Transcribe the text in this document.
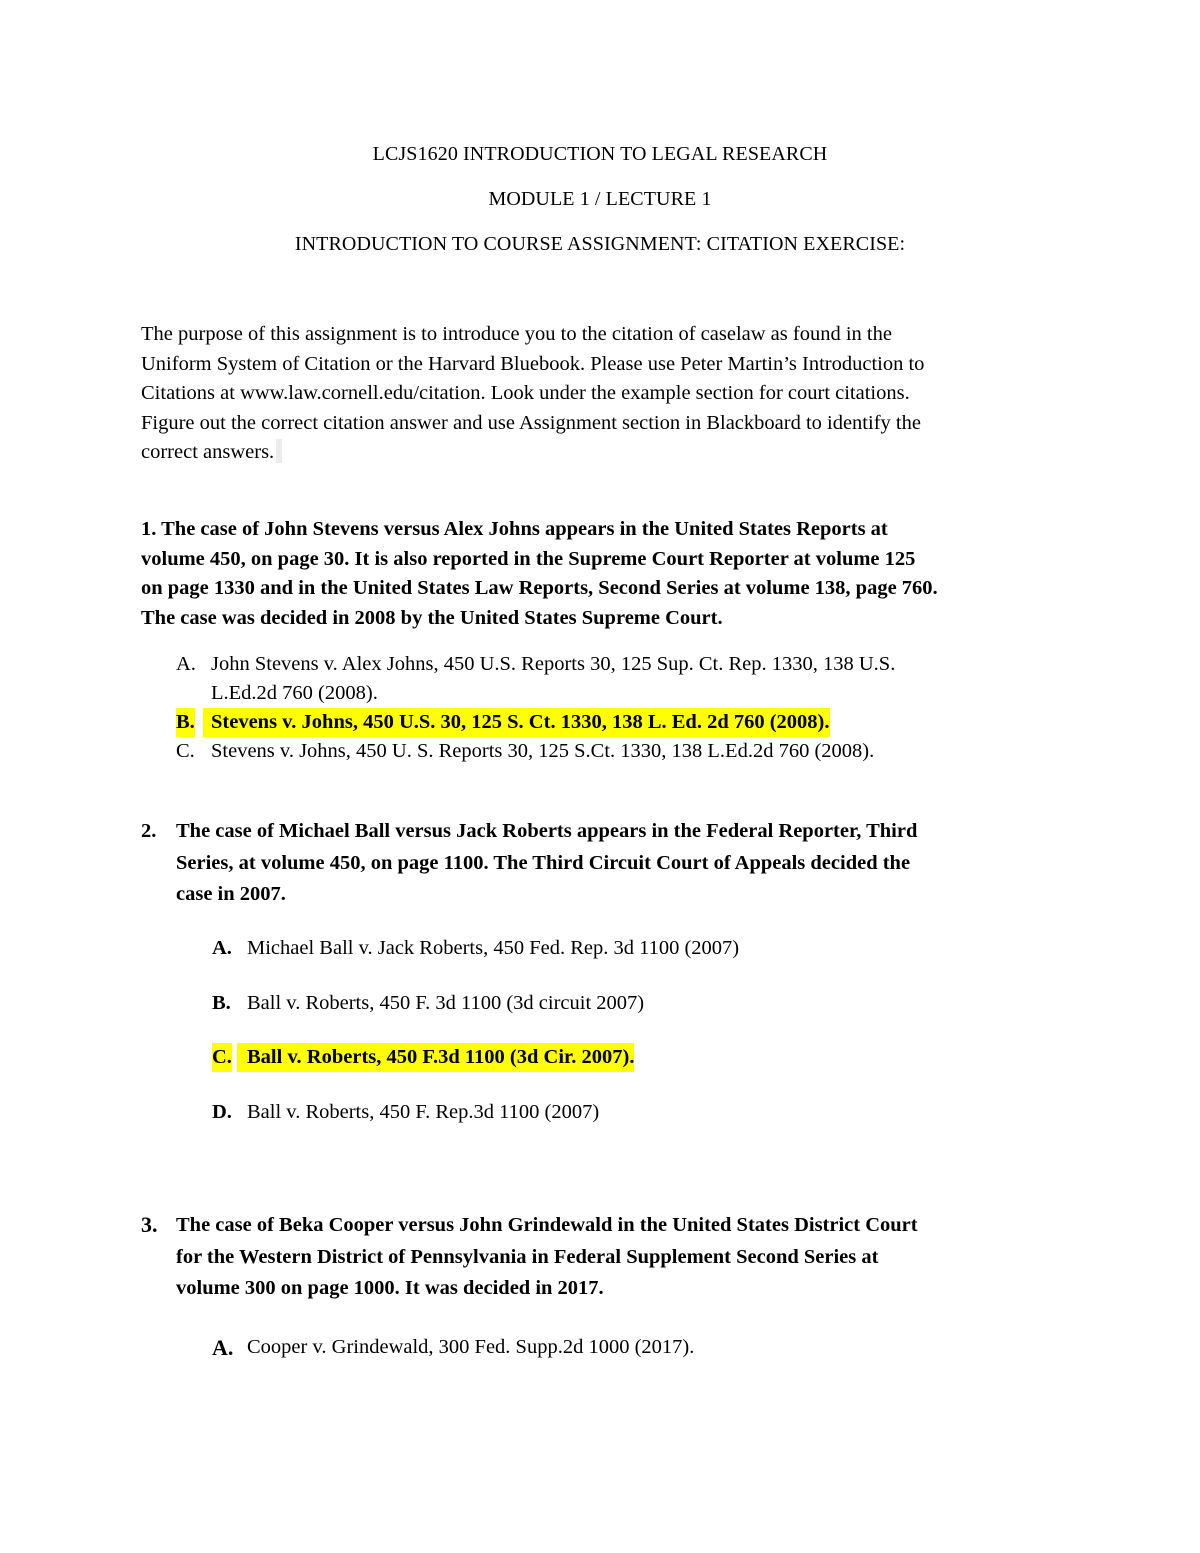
LCJS1620 INTRODUCTION TO LEGAL RESEARCH
MODULE 1 / LECTURE 1
INTRODUCTION TO COURSE ASSIGNMENT: CITATION EXERCISE:
The purpose of this assignment is to introduce you to the citation of caselaw as found in the
Uniform System of Citation or the Harvard Bluebook. Please use Peter Martin’s Introduction to
Citations at www.law.cornell.edu/citation. Look under the example section for court citations.
Figure out the correct citation answer and use Assignment section in Blackboard to identify the
correct answers.
1. The case of John Stevens versus Alex Johns appears in the United States Reports at
volume 450, on page 30. It is also reported in the Supreme Court Reporter at volume 125
on page 1330 and in the United States Law Reports, Second Series at volume 138, page 760.
The case was decided in 2008 by the United States Supreme Court.
A. John Stevens v. Alex Johns, 450 U.S. Reports 30, 125 Sup. Ct. Rep. 1330, 138 U.S.
L.Ed.2d 760 (2008).
B. Stevens v. Johns, 450 U.S. 30, 125 S. Ct. 1330, 138 L. Ed. 2d 760 (2008).
C. Stevens v. Johns, 450 U. S. Reports 30, 125 S.Ct. 1330, 138 L.Ed.2d 760 (2008).
2. The case of Michael Ball versus Jack Roberts appears in the Federal Reporter, Third
Series, at volume 450, on page 1100. The Third Circuit Court of Appeals decided the
case in 2007.
A. Michael Ball v. Jack Roberts, 450 Fed. Rep. 3d 1100 (2007)
B. Ball v. Roberts, 450 F. 3d 1100 (3d circuit 2007)
C. Ball v. Roberts, 450 F.3d 1100 (3d Cir. 2007).
D. Ball v. Roberts, 450 F. Rep.3d 1100 (2007)
3. The case of Beka Cooper versus John Grindewald in the United States District Court
for the Western District of Pennsylvania in Federal Supplement Second Series at
volume 300 on page 1000. It was decided in 2017.
A. Cooper v. Grindewald, 300 Fed. Supp.2d 1000 (2017).
